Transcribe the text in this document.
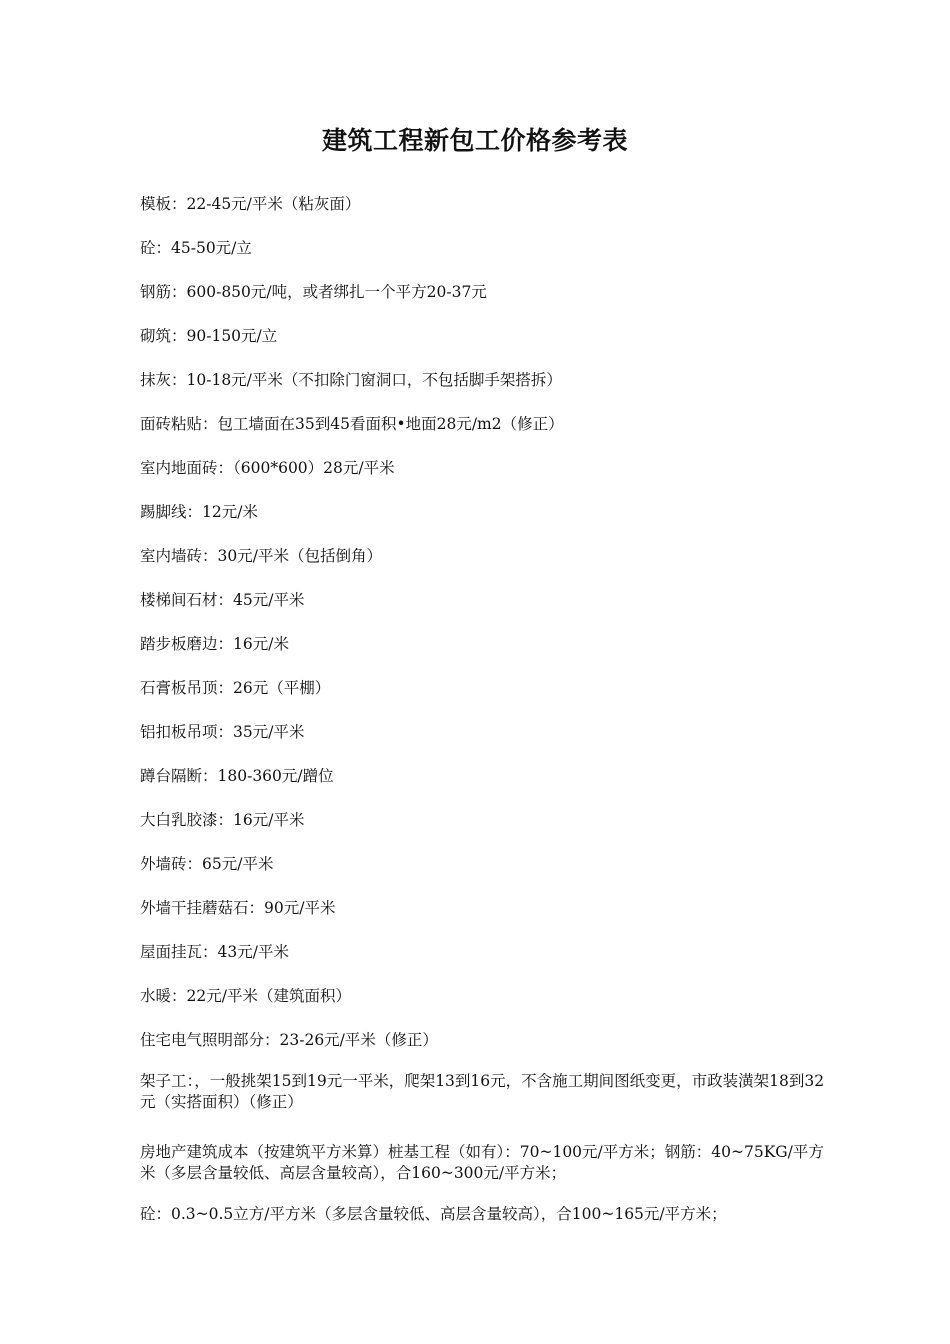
建筑工程新包工价格参考表
模板：22-45元/平米（粘灰面）
砼：45-50元/立
钢筋：600-850元/吨，或者绑扎一个平方20-37元
砌筑：90-150元/立
抹灰：10-18元/平米（不扣除门窗洞口，不包括脚手架搭拆）
面砖粘贴：包工墙面在35到45看面积•地面28元/m2（修正）
室内地面砖：（600*600）28元/平米
踢脚线：12元/米
室内墙砖：30元/平米（包括倒角）
楼梯间石材：45元/平米
踏步板磨边：16元/米
石膏板吊顶：26元（平棚）
铝扣板吊项：35元/平米
蹲台隔断：180-360元/蹭位
大白乳胶漆：16元/平米
外墙砖：65元/平米
外墙干挂蘑菇石：90元/平米
屋面挂瓦：43元/平米
水暖：22元/平米（建筑面积）
住宅电气照明部分：23-26元/平米（修正）
架子工：，一般挑架15到19元一平米，爬架13到16元，不含施工期间图纸变更，市政装潢架18到32元（实搭面积）（修正）
房地产建筑成本（按建筑平方米算）桩基工程（如有）：70~100元/平方米；钢筋：40~75KG/平方米（多层含量较低、高层含量较高），合160~300元/平方米；
砼：0.3~0.5立方/平方米（多层含量较低、高层含量较高），合100~165元/平方米；
